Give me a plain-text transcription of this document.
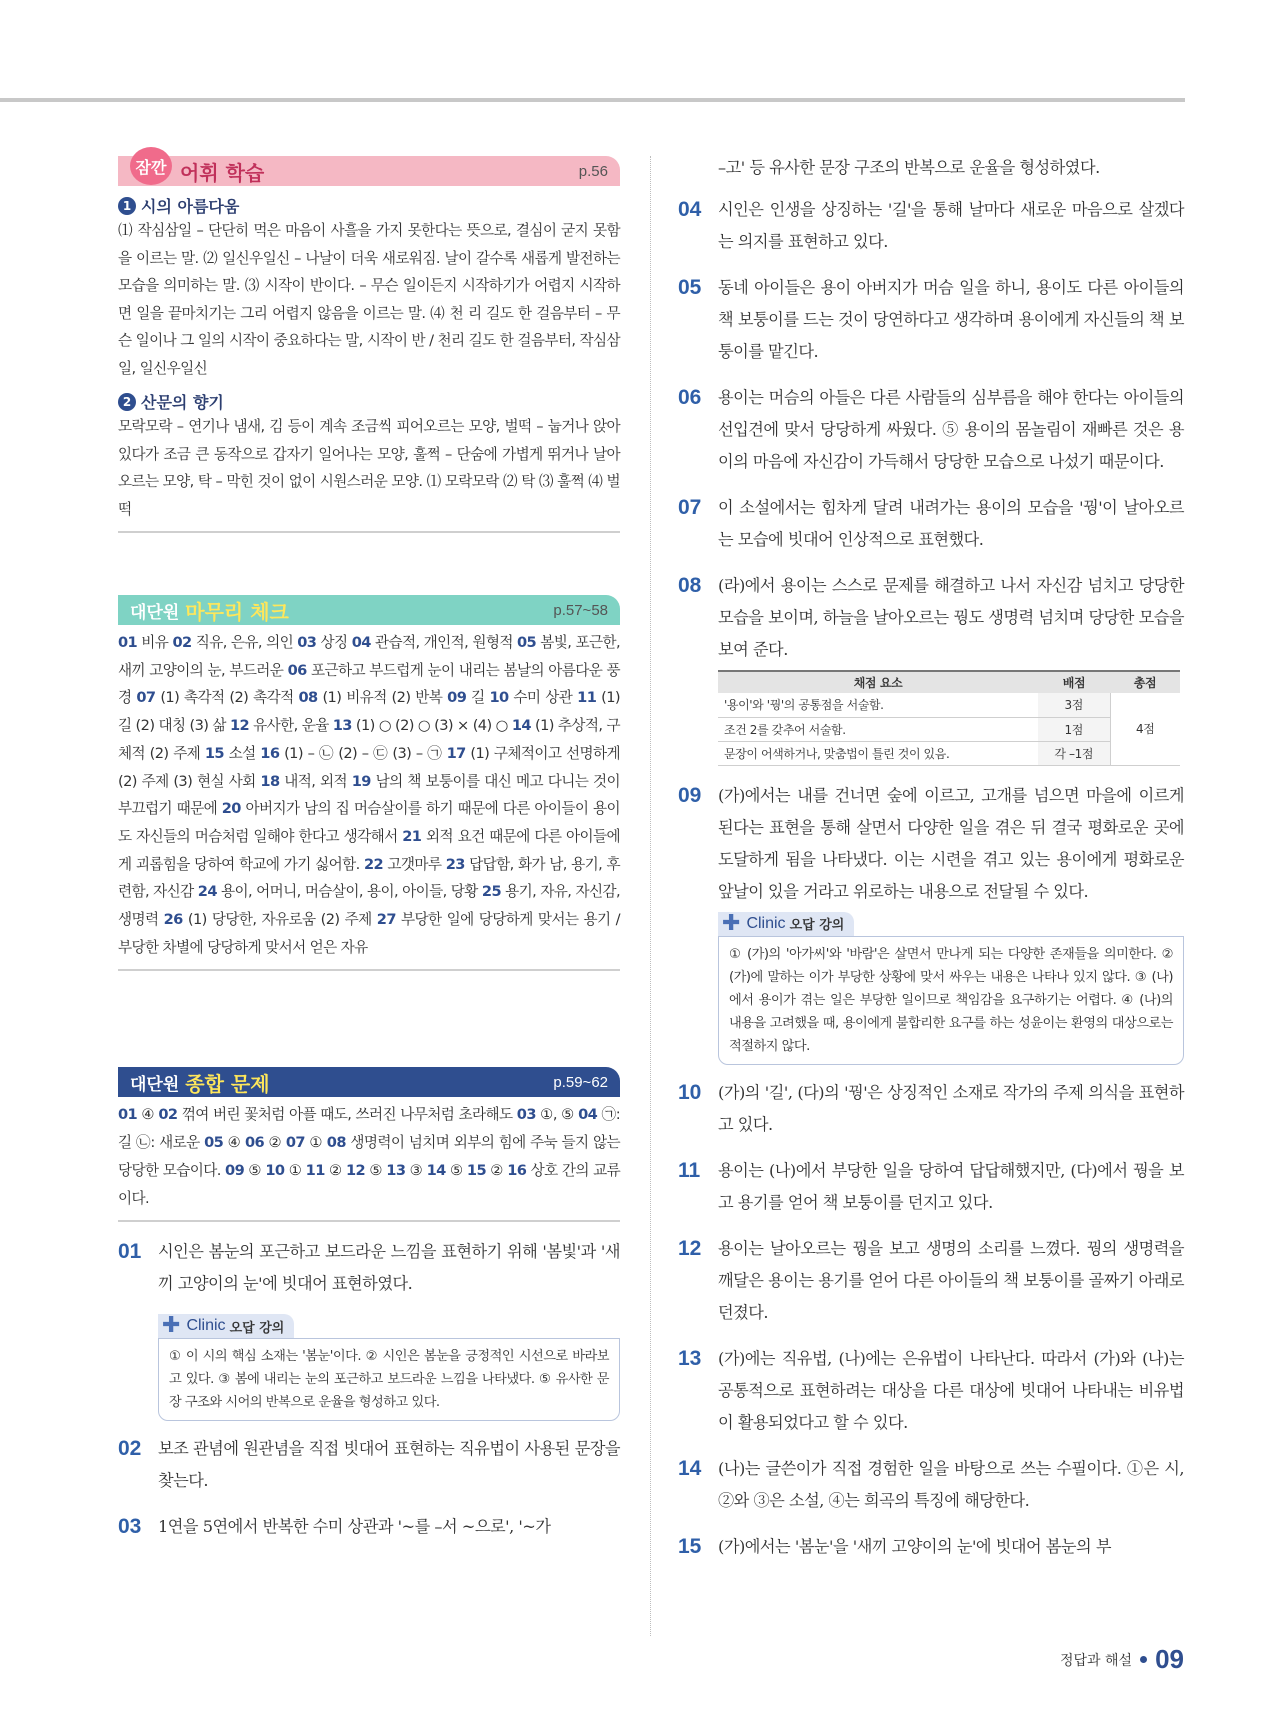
잠깐 어휘 학습	p.56
1 시의 아름다움

⑴ 작심삼일 – 단단히 먹은 마음이 사흘을 가지 못한다는 뜻으로, 결심이 굳지 못함을 이르는 말. ⑵ 일신우일신 – 나날이 더욱 새로워짐. 날이 갈수록 새롭게 발전하는 모습을 의미하는 말. ⑶ 시작이 반이다. – 무슨 일이든지 시작하기가 어렵지 시작하면 일을 끝마치기는 그리 어렵지 않음을 이르는 말. ⑷ 천 리 길도 한 걸음부터 – 무슨 일이나 그 일의 시작이 중요하다는 말, 시작이 반 / 천리 길도 한 걸음부터, 작심삼일, 일신우일신

2 산문의 향기

모락모락 – 연기나 냄새, 김 등이 계속 조금씩 피어오르는 모양, 벌떡 – 눕거나 앉아 있다가 조금 큰 동작으로 갑자기 일어나는 모양, 훌쩍 – 단숨에 가볍게 뛰거나 날아오르는 모양, 탁 – 막힌 것이 없이 시원스러운 모양. ⑴ 모락모락 ⑵ 탁 ⑶ 훌쩍 ⑷ 벌떡

대단원 마무리 체크	p.57~58

01 비유 02 직유, 은유, 의인 03 상징 04 관습적, 개인적, 원형적 05 봄빛, 포근한, 새끼 고양이의 눈, 부드러운 06 포근하고 부드럽게 눈이 내리는 봄날의 아름다운 풍경 07 (1) 촉각적 (2) 촉각적 08 (1) 비유적 (2) 반복 09 길 10 수미 상관 11 (1) 길 (2) 대칭 (3) 삶 12 유사한, 운율 13 (1) ○ (2) ○ (3) × (4) ○ 14 (1) 추상적, 구체적 (2) 주제 15 소설 16 (1) – ㉡ (2) – ㉢ (3) – ㉠ 17 (1) 구체적이고 선명하게 (2) 주제 (3) 현실 사회 18 내적, 외적 19 남의 책 보퉁이를 대신 메고 다니는 것이 부끄럽기 때문에 20 아버지가 남의 집 머슴살이를 하기 때문에 다른 아이들이 용이도 자신들의 머슴처럼 일해야 한다고 생각해서 21 외적 요건 때문에 다른 아이들에게 괴롭힘을 당하여 학교에 가기 싫어함. 22 고갯마루 23 답답함, 화가 남, 용기, 후련함, 자신감 24 용이, 어머니, 머슴살이, 용이, 아이들, 당황 25 용기, 자유, 자신감, 생명력 26 (1) 당당한, 자유로움 (2) 주제 27 부당한 일에 당당하게 맞서는 용기 / 부당한 차별에 당당하게 맞서서 얻은 자유

대단원 종합 문제	p.59~62

01 ④ 02 꺾여 버린 꽃처럼 아플 때도, 쓰러진 나무처럼 초라해도 03 ①, ⑤ 04 ㉠: 길 ㉡: 새로운 05 ④ 06 ② 07 ① 08 생명력이 넘치며 외부의 힘에 주눅 들지 않는 당당한 모습이다. 09 ⑤ 10 ① 11 ② 12 ⑤ 13 ③ 14 ⑤ 15 ② 16 상호 간의 교류이다.

01	시인은 봄눈의 포근하고 보드라운 느낌을 표현하기 위해 '봄빛'과 '새끼 고양이의 눈'에 빗대어 표현하였다.
✚ Clinic 오답 강의
① 이 시의 핵심 소재는 '봄눈'이다. ② 시인은 봄눈을 긍정적인 시선으로 바라보고 있다. ③ 봄에 내리는 눈의 포근하고 보드라운 느낌을 나타냈다. ⑤ 유사한 문장 구조와 시어의 반복으로 운율을 형성하고 있다.
02	보조 관념에 원관념을 직접 빗대어 표현하는 직유법이 사용된 문장을 찾는다.
03	1연을 5연에서 반복한 수미 상관과 '~를 –서 ~으로', '~가
–고' 등 유사한 문장 구조의 반복으로 운율을 형성하였다.
04	시인은 인생을 상징하는 '길'을 통해 날마다 새로운 마음으로 살겠다는 의지를 표현하고 있다.
05	동네 아이들은 용이 아버지가 머슴 일을 하니, 용이도 다른 아이들의 책 보퉁이를 드는 것이 당연하다고 생각하며 용이에게 자신들의 책 보퉁이를 맡긴다.
06	용이는 머슴의 아들은 다른 사람들의 심부름을 해야 한다는 아이들의 선입견에 맞서 당당하게 싸웠다. ⑤ 용이의 몸놀림이 재빠른 것은 용이의 마음에 자신감이 가득해서 당당한 모습으로 나섰기 때문이다.
07	이 소설에서는 힘차게 달려 내려가는 용이의 모습을 '꿩'이 날아오르는 모습에 빗대어 인상적으로 표현했다.
08	(라)에서 용이는 스스로 문제를 해결하고 나서 자신감 넘치고 당당한 모습을 보이며, 하늘을 날아오르는 꿩도 생명력 넘치며 당당한 모습을 보여 준다.
채점 요소	배점	총점
'용이'와 '꿩'의 공통점을 서술함.	3점	4점
조건 2를 갖추어 서술함.	1점	
문장이 어색하거나, 맞춤법이 틀린 것이 있음.	각 –1점	
09	(가)에서는 내를 건너면 숲에 이르고, 고개를 넘으면 마을에 이르게 된다는 표현을 통해 살면서 다양한 일을 겪은 뒤 결국 평화로운 곳에 도달하게 됨을 나타냈다. 이는 시련을 겪고 있는 용이에게 평화로운 앞날이 있을 거라고 위로하는 내용으로 전달될 수 있다.
✚ Clinic 오답 강의
① (가)의 '아가씨'와 '바람'은 살면서 만나게 되는 다양한 존재들을 의미한다. ② (가)에 말하는 이가 부당한 상황에 맞서 싸우는 내용은 나타나 있지 않다. ③ (나)에서 용이가 겪는 일은 부당한 일이므로 책임감을 요구하기는 어렵다. ④ (나)의 내용을 고려했을 때, 용이에게 불합리한 요구를 하는 성윤이는 환영의 대상으로는 적절하지 않다.
10	(가)의 '길', (다)의 '꿩'은 상징적인 소재로 작가의 주제 의식을 표현하고 있다.
11	용이는 (나)에서 부당한 일을 당하여 답답해했지만, (다)에서 꿩을 보고 용기를 얻어 책 보퉁이를 던지고 있다.
12	용이는 날아오르는 꿩을 보고 생명의 소리를 느꼈다. 꿩의 생명력을 깨달은 용이는 용기를 얻어 다른 아이들의 책 보퉁이를 골짜기 아래로 던졌다.
13	(가)에는 직유법, (나)에는 은유법이 나타난다. 따라서 (가)와 (나)는 공통적으로 표현하려는 대상을 다른 대상에 빗대어 나타내는 비유법이 활용되었다고 할 수 있다.
14	(나)는 글쓴이가 직접 경험한 일을 바탕으로 쓰는 수필이다. ①은 시, ②와 ③은 소설, ④는 희곡의 특징에 해당한다.
15	(가)에서는 '봄눈'을 '새끼 고양이의 눈'에 빗대어 봄눈의 부
정답과 해설 09
